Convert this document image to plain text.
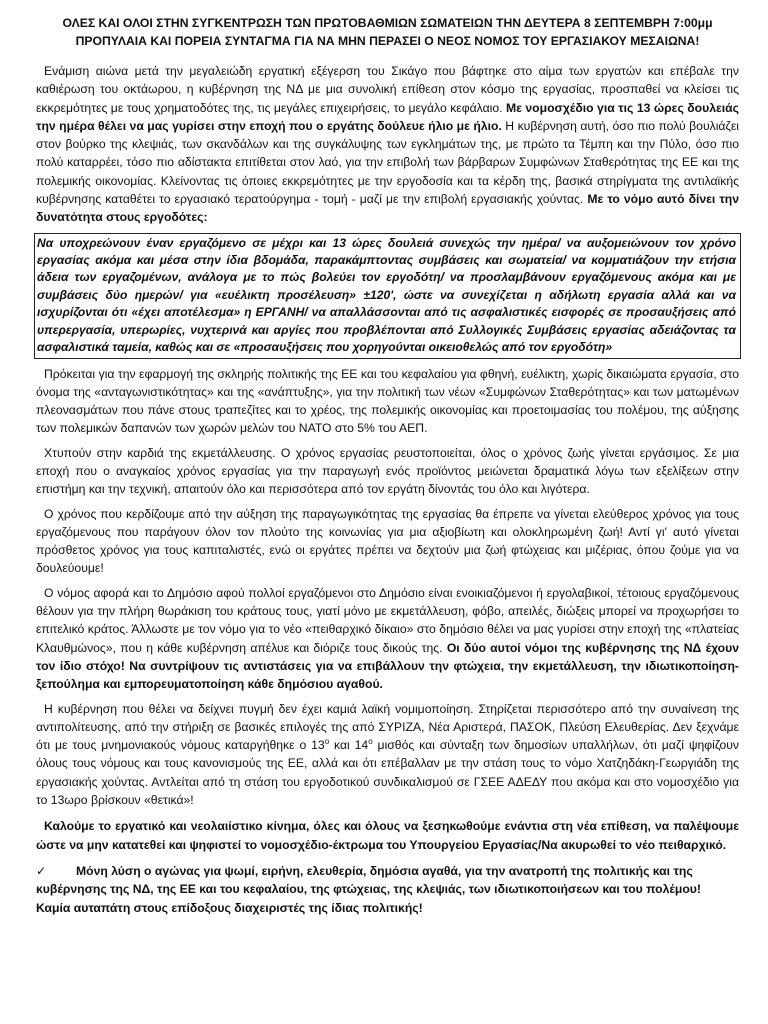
ΟΛΕΣ ΚΑΙ ΟΛΟΙ ΣΤΗΝ ΣΥΓΚΕΝΤΡΩΣΗ ΤΩΝ ΠΡΩΤΟΒΑΘΜΙΩΝ ΣΩΜΑΤΕΙΩΝ ΤΗΝ ΔΕΥΤΕΡΑ 8 ΣΕΠΤΕΜΒΡΗ 7:00μμ
ΠΡΟΠΥΛΑΙΑ ΚΑΙ ΠΟΡΕΙΑ ΣΥΝΤΑΓΜΑ ΓΙΑ ΝΑ ΜΗΝ ΠΕΡΑΣΕΙ Ο ΝΕΟΣ ΝΟΜΟΣ ΤΟΥ ΕΡΓΑΣΙΑΚΟΥ ΜΕΣΑΙΩΝΑ!

Ενάμιση αιώνα μετά την μεγαλειώδη εργατική εξέγερση του Σικάγο που βάφτηκε στο αίμα των εργατών και επέβαλε την καθιέρωση του οκτάωρου, η κυβέρνηση της ΝΔ με μια συνολική επίθεση στον κόσμο της εργασίας, προσπαθεί να κλείσει τις εκκρεμότητες με τους χρηματοδότες της, τις μεγάλες επιχειρήσεις, το μεγάλο κεφάλαιο. Με νομοσχέδιο για τις 13 ώρες δουλειάς την ημέρα θέλει να μας γυρίσει στην εποχή που ο εργάτης δούλευε ήλιο με ήλιο. Η κυβέρνηση αυτή, όσο πιο πολύ βουλιάζει στον βούρκο της κλεψιάς, των σκανδάλων και της συγκάλυψης των εγκλημάτων της, με πρώτο τα Τέμπη και την Πύλο, όσο πιο πολύ καταρρέει, τόσο πιο αδίστακτα επιτίθεται στον λαό, για την επιβολή των βάρβαρων Συμφώνων Σταθερότητας της ΕΕ και της πολεμικής οικονομίας. Κλείνοντας τις όποιες εκκρεμότητες με την εργοδοσία και τα κέρδη της, βασικά στηρίγματα της αντιλαϊκής κυβέρνησης καταθέτει το εργασιακό τερατούργημα - τομή - μαζί με την επιβολή εργασιακής χούντας. Με το νόμο αυτό δίνει την δυνατότητα στους εργοδότες:

Να υποχρεώνουν έναν εργαζόμενο σε μέχρι και 13 ώρες δουλειά συνεχώς την ημέρα/ να αυξομειώνουν τον χρόνο εργασίας ακόμα και μέσα στην ίδια βδομάδα, παρακάμπτοντας συμβάσεις και σωματεία/ να κομματιάζουν την ετήσια άδεια των εργαζομένων, ανάλογα με το πώς βολεύει τον εργοδότη/ να προσλαμβάνουν εργαζόμενους ακόμα και με συμβάσεις δύο ημερών/ για «ευέλικτη προσέλευση» ±120', ώστε να συνεχίζεται η αδήλωτη εργασία αλλά και να ισχυρίζονται ότι «έχει αποτέλεσμα» η ΕΡΓΑΝΗ/ να απαλλάσσονται από τις ασφαλιστικές εισφορές σε προσαυξήσεις από υπερεργασία, υπερωρίες, νυχτερινά και αργίες που προβλέπονται από Συλλογικές Συμβάσεις εργασίας αδειάζοντας τα ασφαλιστικά ταμεία, καθώς και σε «προσαυξήσεις που χορηγούνται οικειοθελώς από τον εργοδότη»

Πρόκειται για την εφαρμογή της σκληρής πολιτικής της ΕΕ και του κεφαλαίου για φθηνή, ευέλικτη, χωρίς δικαιώματα εργασία, στο όνομα της «ανταγωνιστικότητας» και της «ανάπτυξης», για την πολιτική των νέων «Συμφώνων Σταθερότητας» και των ματωμένων πλεονασμάτων που πάνε στους τραπεζίτες και το χρέος, της πολεμικής οικονομίας και προετοιμασίας του πολέμου, της αύξησης των πολεμικών δαπανών των χωρών μελών του ΝΑΤΟ στο 5% του ΑΕΠ.

Χτυπούν στην καρδιά της εκμετάλλευσης. Ο χρόνος εργασίας ρευστοποιείται, όλος ο χρόνος ζωής γίνεται εργάσιμος. Σε μια εποχή που ο αναγκαίος χρόνος εργασίας για την παραγωγή ενός προϊόντος μειώνεται δραματικά λόγω των εξελίξεων στην επιστήμη και την τεχνική, απαιτούν όλο και περισσότερα από τον εργάτη δίνοντάς του όλο και λιγότερα.

Ο χρόνος που κερδίζουμε από την αύξηση της παραγωγικότητας της εργασίας θα έπρεπε να γίνεται ελεύθερος χρόνος για τους εργαζόμενους που παράγουν όλον τον πλούτο της κοινωνίας για μια αξιοβίωτη και ολοκληρωμένη ζωή! Αντί γι' αυτό γίνεται πρόσθετος χρόνος για τους καπιταλιστές, ενώ οι εργάτες πρέπει να δεχτούν μια ζωή φτώχειας και μιζέριας, όπου ζούμε για να δουλεύουμε!

Ο νόμος αφορά και το Δημόσιο αφού πολλοί εργαζόμενοι στο Δημόσιο είναι ενοικιαζόμενοι ή εργολαβικοί, τέτοιους εργαζόμενους θέλουν για την πλήρη θωράκιση του κράτους τους, γιατί μόνο με εκμετάλλευση, φόβο, απειλές, διώξεις μπορεί να προχωρήσει το επιτελικό κράτος. Άλλωστε με τον νόμο για το νέο «πειθαρχικό δίκαιο» στο δημόσιο θέλει να μας γυρίσει στην εποχή της «πλατείας Κλαυθμώνος», που η κάθε κυβέρνηση απέλυε και διόριζε τους δικούς της. Οι δύο αυτοί νόμοι της κυβέρνησης της ΝΔ έχουν τον ίδιο στόχο! Να συντρίψουν τις αντιστάσεις για να επιβάλλουν την φτώχεια, την εκμετάλλευση, την ιδιωτικοποίηση-ξεπούλημα και εμπορευματοποίηση κάθε δημόσιου αγαθού.

Η κυβέρνηση που θέλει να δείχνει πυγμή δεν έχει καμιά λαϊκή νομιμοποίηση. Στηρίζεται περισσότερο από την συναίνεση της αντιπολίτευσης, από την στήριξη σε βασικές επιλογές της από ΣΥΡΙΖΑ, Νέα Αριστερά, ΠΑΣΟΚ, Πλεύση Ελευθερίας. Δεν ξεχνάμε ότι με τους μνημονιακούς νόμους καταργήθηκε ο $13^o$ και $14^o$ μισθός και σύνταξη των δημοσίων υπαλλήλων, ότι μαζί ψηφίζουν όλους τους νόμους και τους κανονισμούς της ΕΕ, αλλά και ότι επέβαλλαν με την στάση τους το νόμο Χατζηδάκη-Γεωργιάδη της εργασιακής χούντας. Αντλείται από τη στάση του εργοδοτικού συνδικαλισμού σε ΓΣΕΕ ΑΔΕΔΥ που ακόμα και στο νομοσχέδιο για το 13ωρο βρίσκουν «θετικά»!

Καλούμε το εργατικό και νεολαιίστικο κίνημα, όλες και όλους να ξεσηκωθούμε ενάντια στη νέα επίθεση, να παλέψουμε ώστε να μην κατατεθεί και ψηφιστεί το νομοσχέδιο-έκτρωμα του Υπουργείου Εργασίας/Να ακυρωθεί το νέο πειθαρχικό.

✓ Μόνη λύση ο αγώνας για ψωμί, ειρήνη, ελευθερία, δημόσια αγαθά, για την ανατροπή της πολιτικής και της κυβέρνησης της ΝΔ, της ΕΕ και του κεφαλαίου, της φτώχειας, της κλεψιάς, των ιδιωτικοποιήσεων και του πολέμου!
Καμία αυταπάτη στους επίδοξους διαχειριστές της ίδιας πολιτικής!
